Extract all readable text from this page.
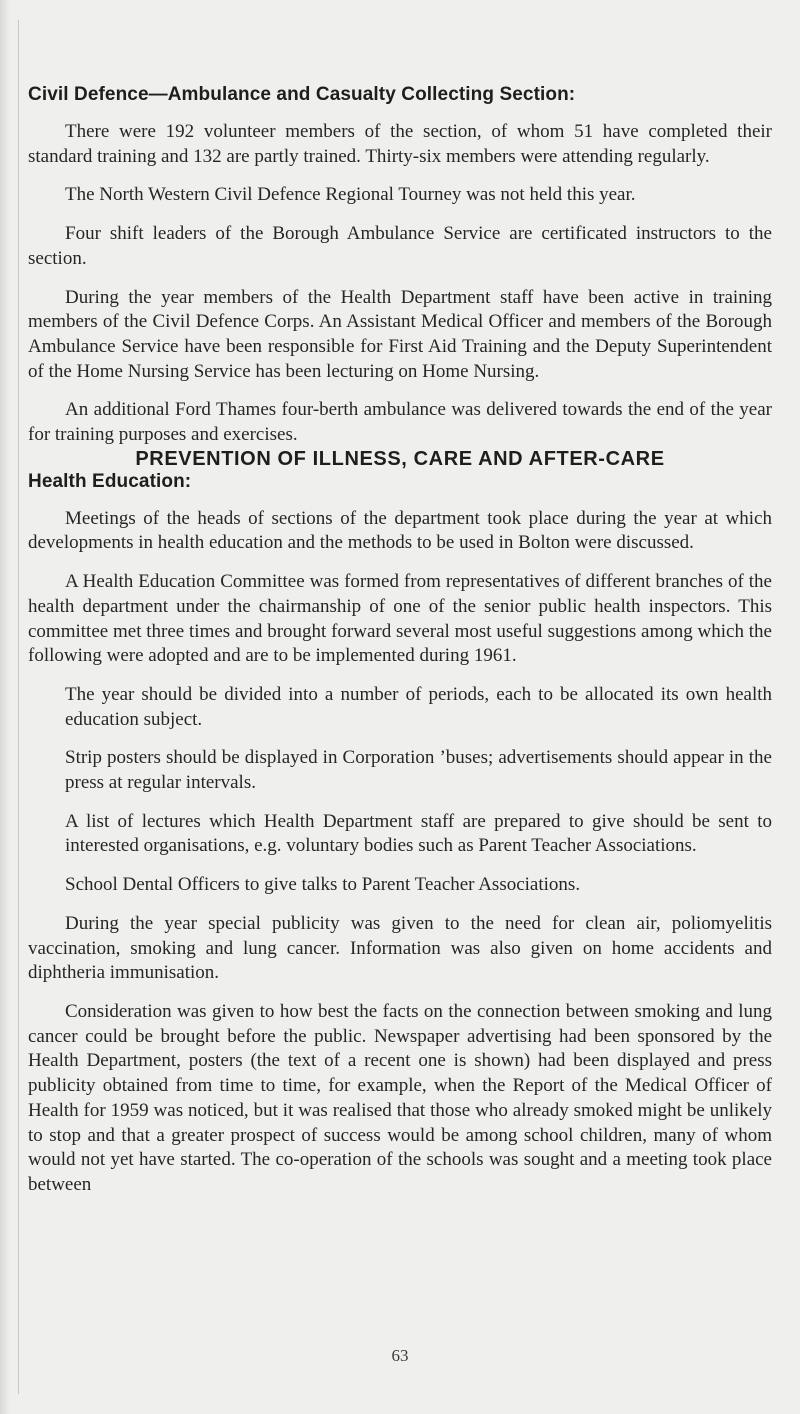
Civil Defence—Ambulance and Casualty Collecting Section:

There were 192 volunteer members of the section, of whom 51 have completed their standard training and 132 are partly trained. Thirty-six members were attending regularly.

The North Western Civil Defence Regional Tourney was not held this year.

Four shift leaders of the Borough Ambulance Service are certificated instructors to the section.

During the year members of the Health Department staff have been active in training members of the Civil Defence Corps. An Assistant Medical Officer and members of the Borough Ambulance Service have been responsible for First Aid Training and the Deputy Superintendent of the Home Nursing Service has been lecturing on Home Nursing.

An additional Ford Thames four-berth ambulance was delivered towards the end of the year for training purposes and exercises.

PREVENTION OF ILLNESS, CARE AND AFTER-CARE
Health Education:

Meetings of the heads of sections of the department took place during the year at which developments in health education and the methods to be used in Bolton were discussed.

A Health Education Committee was formed from representatives of different branches of the health department under the chairmanship of one of the senior public health inspectors. This committee met three times and brought forward several most useful suggestions among which the following were adopted and are to be implemented during 1961.

The year should be divided into a number of periods, each to be allocated its own health education subject.

Strip posters should be displayed in Corporation ’buses; advertisements should appear in the press at regular intervals.

A list of lectures which Health Department staff are prepared to give should be sent to interested organisations, e.g. voluntary bodies such as Parent Teacher Associations.

School Dental Officers to give talks to Parent Teacher Associations.

During the year special publicity was given to the need for clean air, poliomyelitis vaccination, smoking and lung cancer. Information was also given on home accidents and diphtheria immunisation.

Consideration was given to how best the facts on the connection between smoking and lung cancer could be brought before the public. Newspaper advertising had been sponsored by the Health Department, posters (the text of a recent one is shown) had been displayed and press publicity obtained from time to time, for example, when the Report of the Medical Officer of Health for 1959 was noticed, but it was realised that those who already smoked might be unlikely to stop and that a greater prospect of success would be among school children, many of whom would not yet have started. The co-operation of the schools was sought and a meeting took place between

63
